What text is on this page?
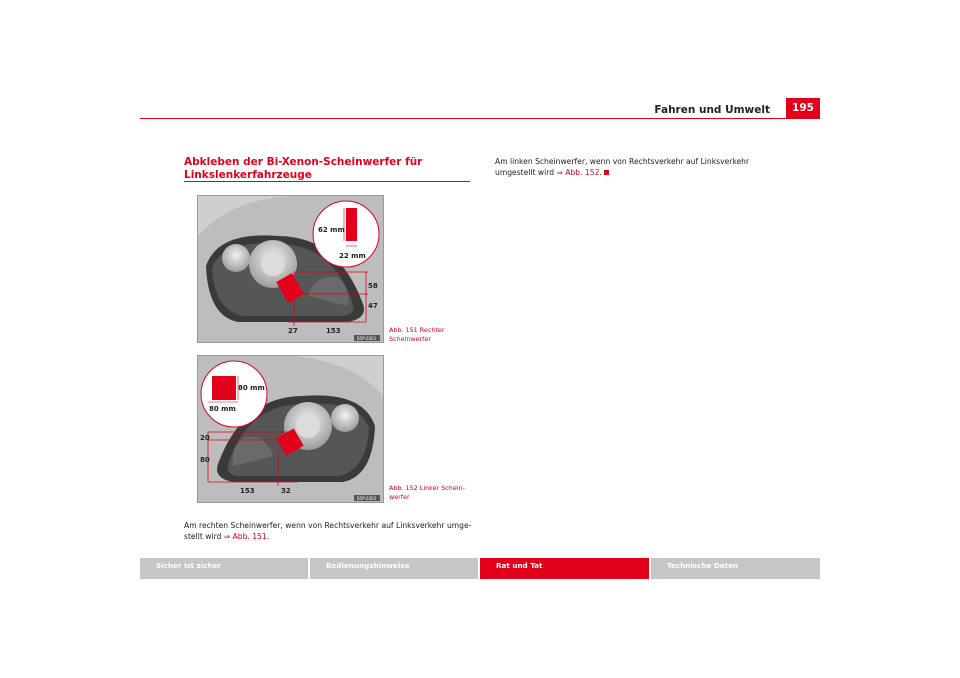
Fahren und Umwelt	195
Abkleben der Bi-Xenon-Scheinwerfer für Linkslenkerfahrzeuge
62 mm
22 mm
58
47
27	153
B5P-0301
Abb. 151 Rechter Scheinwerfer
80 mm
80 mm
20
80
153	32
B5P-0302
Abb. 152 Linker Schein-werfer
Am rechten Scheinwerfer, wenn von Rechtsverkehr auf Linksverkehr umge-stellt wird ⇒ Abb. 151.
Am linken Scheinwerfer, wenn von Rechtsverkehr auf Linksverkehr umgestellt wird ⇒ Abb. 152.
Sicher ist sicher	Bedienungshinweise	Rat und Tat	Technische Daten
